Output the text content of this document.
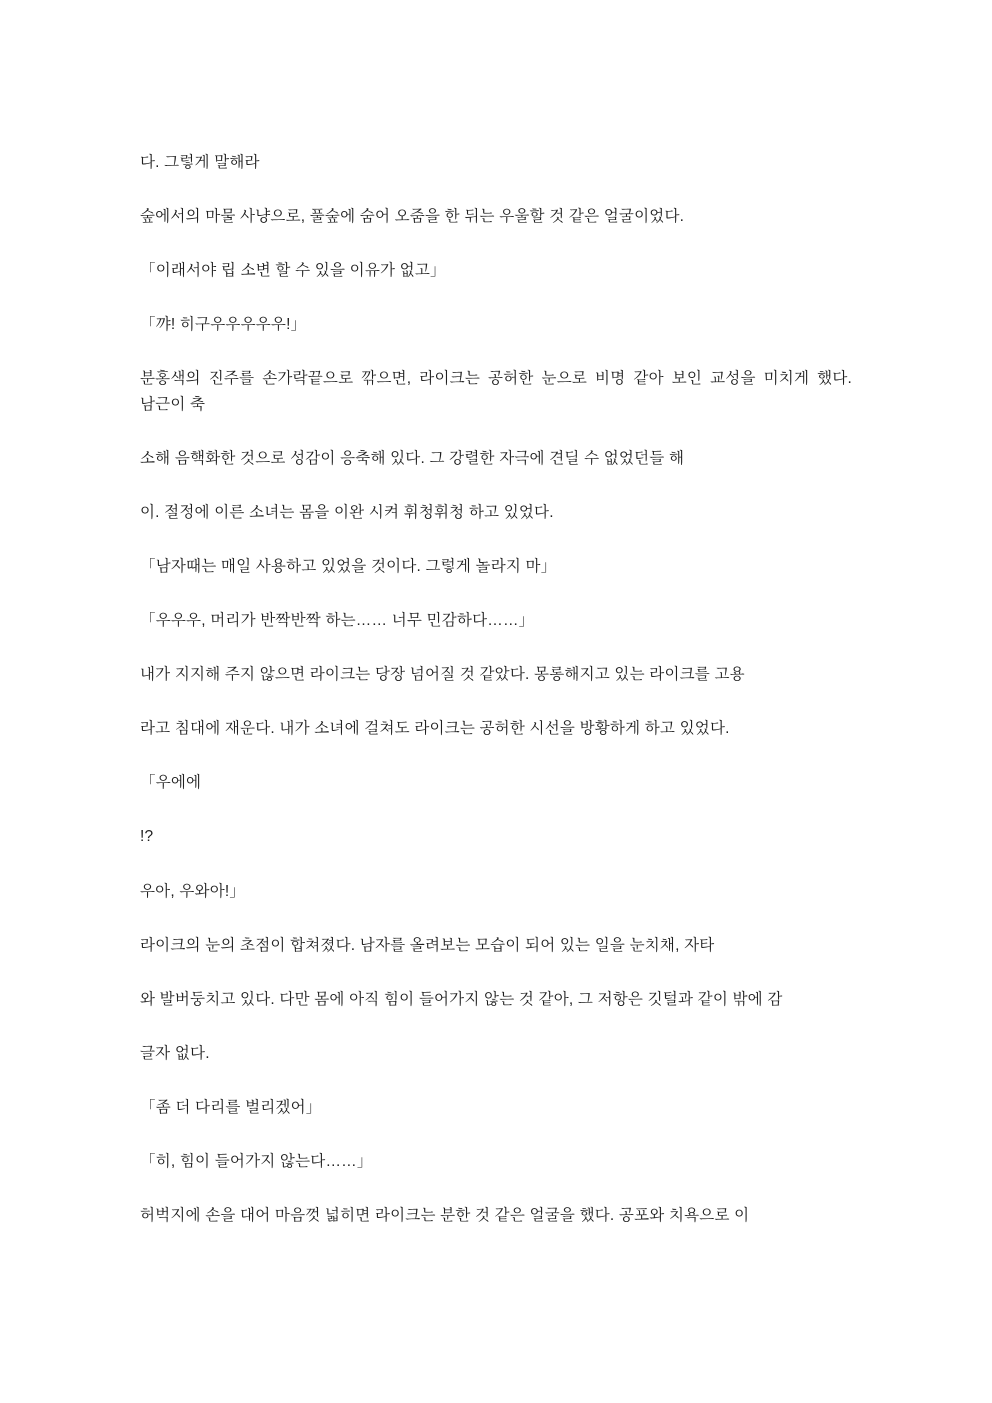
다. 그렇게 말해라

숲에서의 마물 사냥으로, 풀숲에 숨어 오줌을 한 뒤는 우울할 것 같은 얼굴이었다.

「이래서야 립 소변 할 수 있을 이유가 없고」

「꺄! 히구우우우우우!」

분홍색의 진주를 손가락끝으로 깎으면, 라이크는 공허한 눈으로 비명 같아 보인 교성을 미치게 했다. 남근이 축

소해 음핵화한 것으로 성감이 응축해 있다. 그 강렬한 자극에 견딜 수 없었던들 해

이. 절정에 이른 소녀는 몸을 이완 시켜 휘청휘청 하고 있었다.

「남자때는 매일 사용하고 있었을 것이다. 그렇게 놀라지 마」

「우우우, 머리가 반짝반짝 하는…… 너무 민감하다……」

내가 지지해 주지 않으면 라이크는 당장 넘어질 것 같았다. 몽롱해지고 있는 라이크를 고용

라고 침대에 재운다. 내가 소녀에 걸쳐도 라이크는 공허한 시선을 방황하게 하고 있었다.

「우에에

!?

우아, 우와아!」

라이크의 눈의 초점이 합쳐졌다. 남자를 올려보는 모습이 되어 있는 일을 눈치채, 자타

와 발버둥치고 있다. 다만 몸에 아직 힘이 들어가지 않는 것 같아, 그 저항은 깃털과 같이 밖에 감

글자 없다.

「좀 더 다리를 벌리겠어」

「히, 힘이 들어가지 않는다……」

허벅지에 손을 대어 마음껏 넓히면 라이크는 분한 것 같은 얼굴을 했다. 공포와 치욕으로 이
